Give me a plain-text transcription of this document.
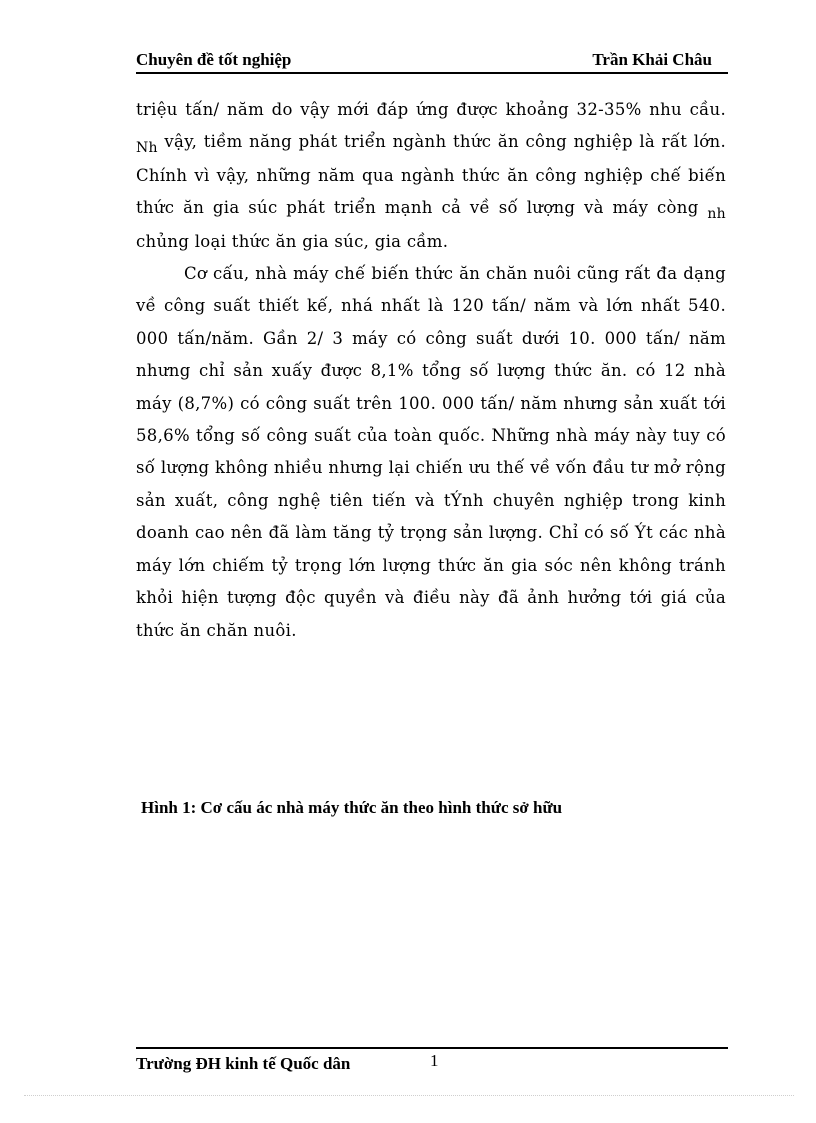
Chuyên đề tốt nghiệp	Trần Khải Châu

triệu tấn/ năm do vậy mới đáp ứng được khoảng 32-35% nhu cầu. $_{Nh}$ vậy, tiềm năng phát triển ngành thức ăn công nghiệp là rất lớn. Chính vì vậy, những năm qua ngành thức ăn công nghiệp chế biến thức ăn gia súc phát triển mạnh cả về số lượng và máy còng $_{nh}$ chủng loại thức ăn gia súc, gia cầm.

Cơ cấu, nhà máy chế biến thức ăn chăn nuôi cũng rất đa dạng về công suất thiết kế, nhá nhất là 120 tấn/ năm và lớn nhất 540. 000 tấn/năm. Gần 2/ 3 máy có công suất dưới 10. 000 tấn/ năm nhưng chỉ sản xuấy được 8,1% tổng số lượng thức ăn. có 12 nhà máy (8,7%) có công suất trên 100. 000 tấn/ năm nhưng sản xuất tới 58,6% tổng số công suất của toàn quốc. Những nhà máy này tuy có số lượng không nhiều nhưng lại chiến ưu thế về vốn đầu tư mở rộng sản xuất, công nghệ tiên tiến và tÝnh chuyên nghiệp trong kinh doanh cao nên đã làm tăng tỷ trọng sản lượng. Chỉ có số Ýt các nhà máy lớn chiếm tỷ trọng lớn lượng thức ăn gia sóc nên không tránh khỏi hiện tượng độc quyền và điều này đã ảnh hưởng tới giá của thức ăn chăn nuôi.

Hình 1: Cơ cấu ác nhà máy thức ăn theo hình thức sở hữu
Trường ĐH kinh tế Quốc dân	1
